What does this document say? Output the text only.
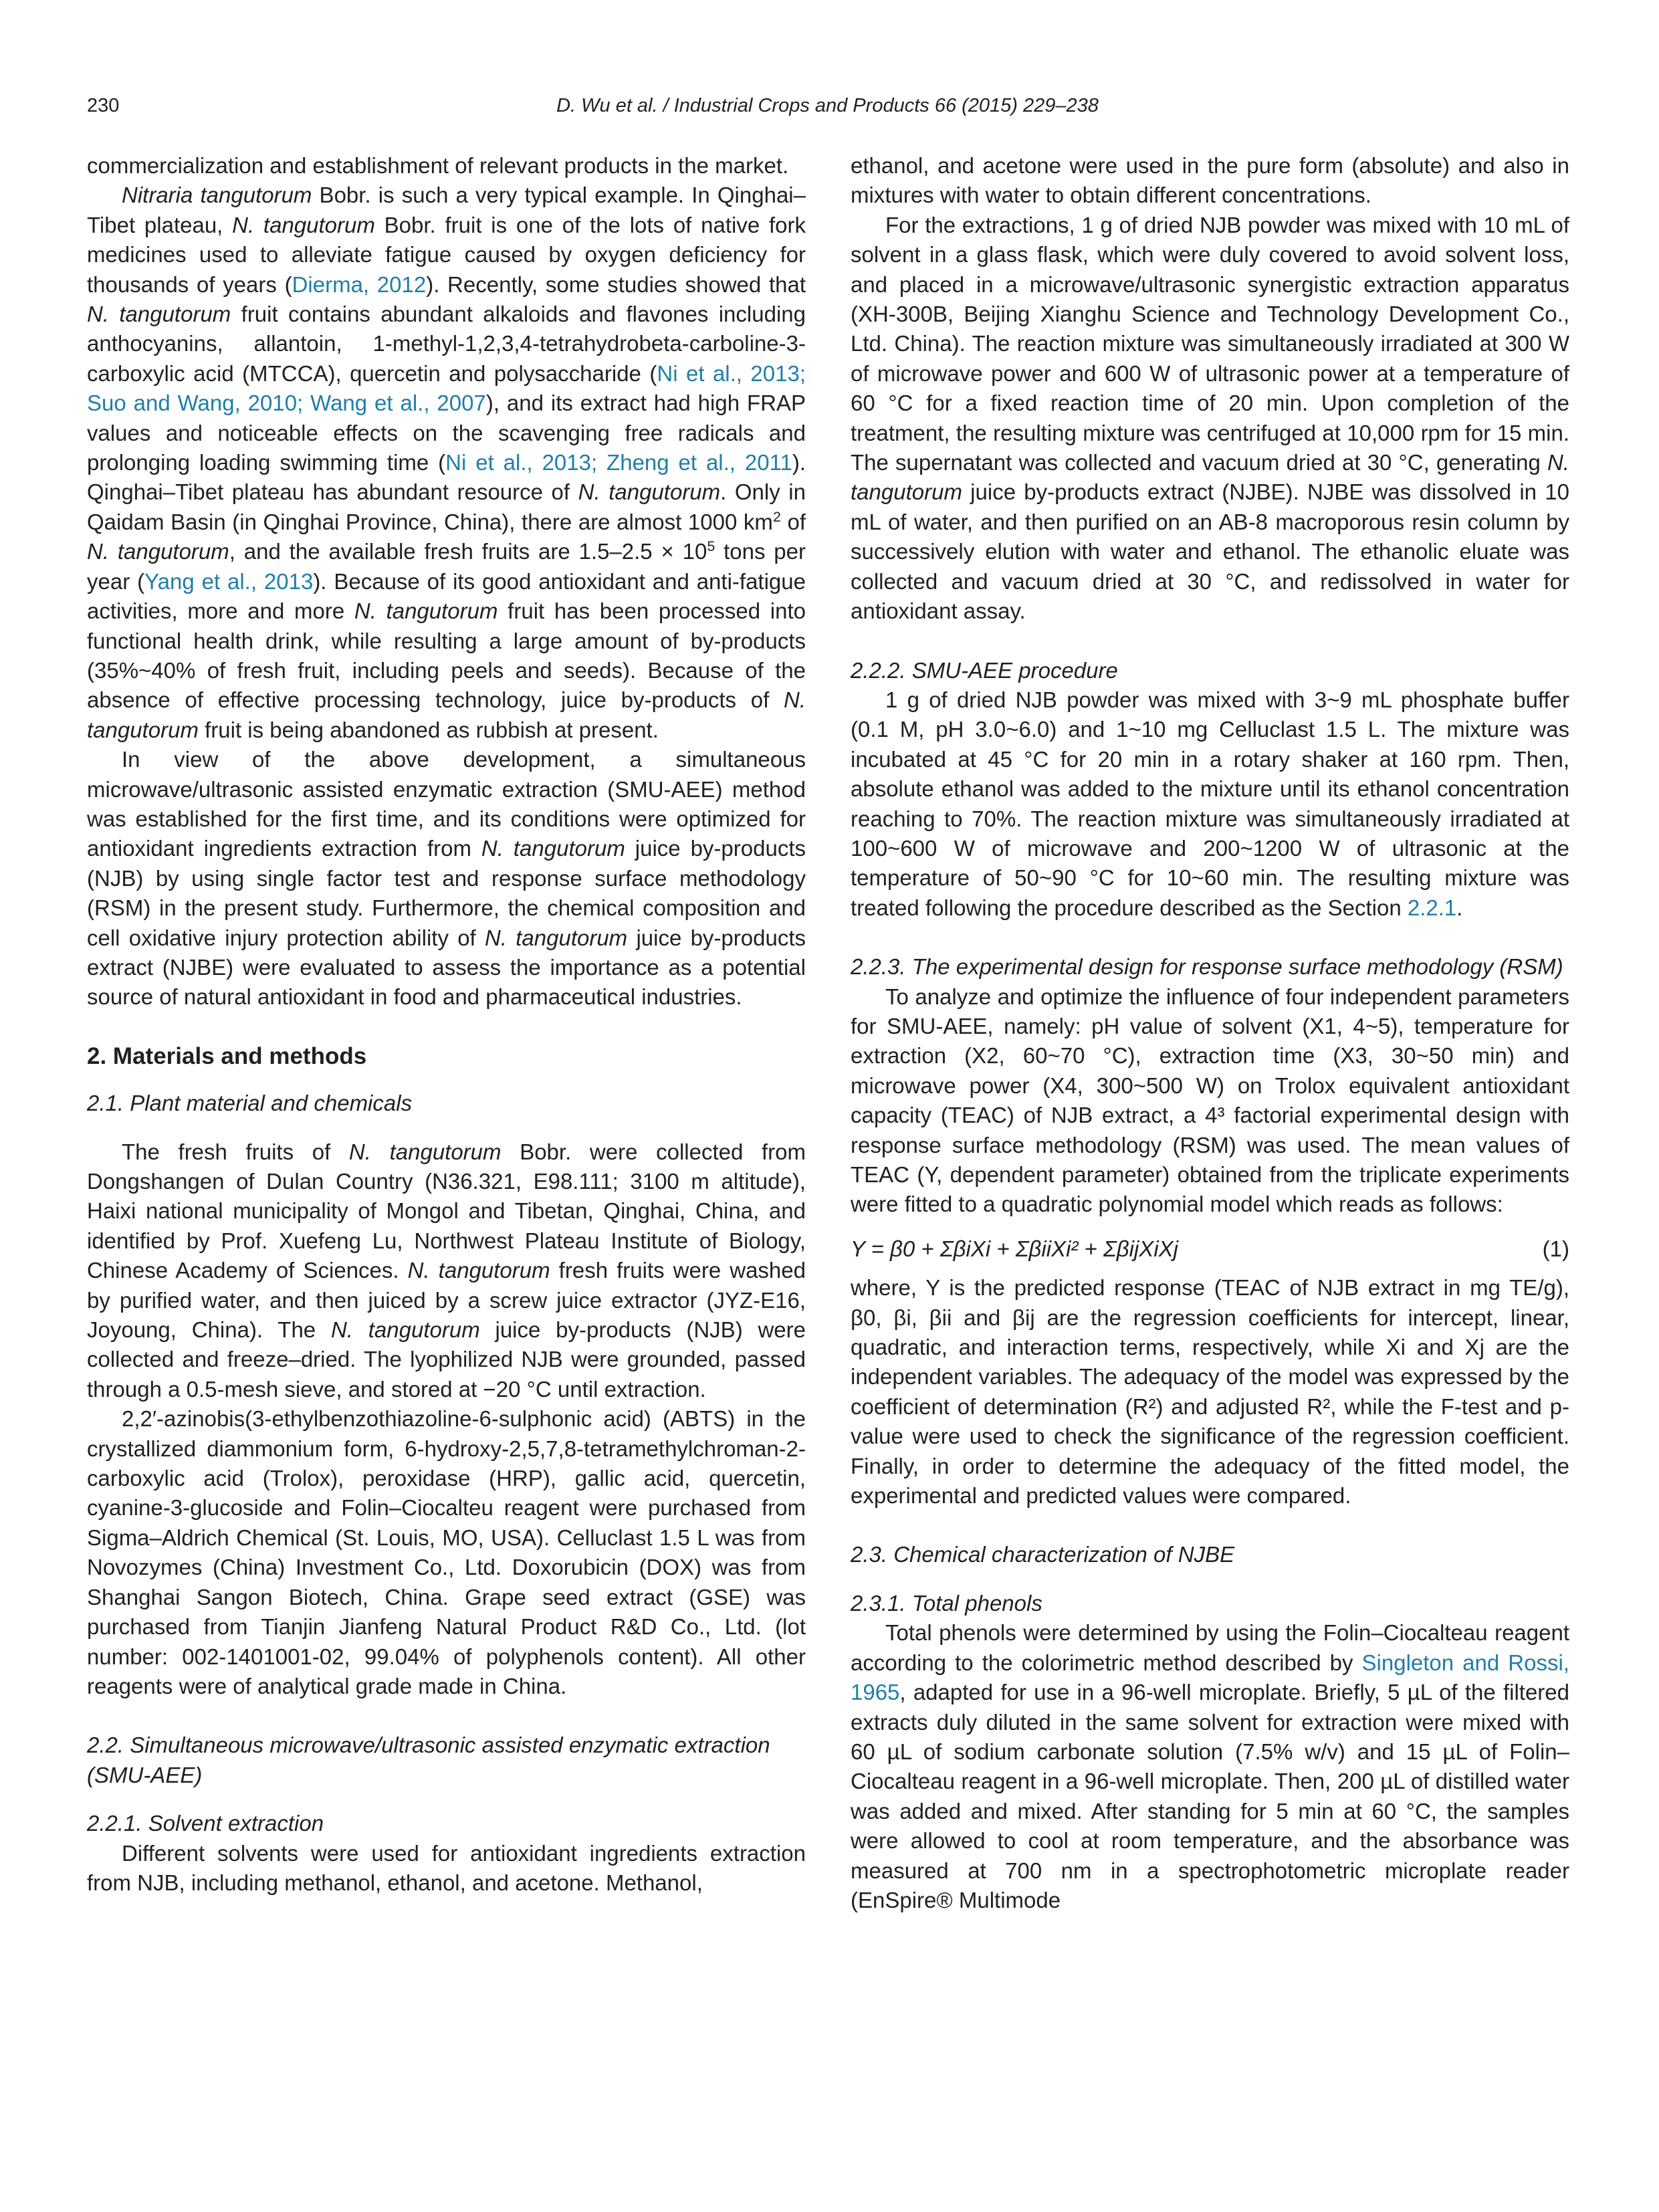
230	D. Wu et al. / Industrial Crops and Products 66 (2015) 229–238

commercialization and establishment of relevant products in the market.

Nitraria tangutorum Bobr. is such a very typical example. In Qinghai–Tibet plateau, N. tangutorum Bobr. fruit is one of the lots of native fork medicines used to alleviate fatigue caused by oxygen deficiency for thousands of years (Dierma, 2012). Recently, some studies showed that N. tangutorum fruit contains abundant alkaloids and flavones including anthocyanins, allantoin, 1-methyl-1,2,3,4-tetrahydrobeta-carboline-3-carboxylic acid (MTCCA), quercetin and polysaccharide (Ni et al., 2013; Suo and Wang, 2010; Wang et al., 2007), and its extract had high FRAP values and noticeable effects on the scavenging free radicals and prolonging loading swimming time (Ni et al., 2013; Zheng et al., 2011). Qinghai–Tibet plateau has abundant resource of N. tangutorum. Only in Qaidam Basin (in Qinghai Province, China), there are almost 1000 $km^2$ of N. tangutorum, and the available fresh fruits are $1.5-2.5 \times 10^5$ tons per year (Yang et al., 2013). Because of its good antioxidant and anti-fatigue activities, more and more N. tangutorum fruit has been processed into functional health drink, while resulting a large amount of by-products (35%~40% of fresh fruit, including peels and seeds). Because of the absence of effective processing technology, juice by-products of N. tangutorum fruit is being abandoned as rubbish at present.

In view of the above development, a simultaneous microwave/ultrasonic assisted enzymatic extraction (SMU-AEE) method was established for the first time, and its conditions were optimized for antioxidant ingredients extraction from N. tangutorum juice by-products (NJB) by using single factor test and response surface methodology (RSM) in the present study. Furthermore, the chemical composition and cell oxidative injury protection ability of N. tangutorum juice by-products extract (NJBE) were evaluated to assess the importance as a potential source of natural antioxidant in food and pharmaceutical industries.

2. Materials and methods
2.1. Plant material and chemicals

The fresh fruits of N. tangutorum Bobr. were collected from Dongshangen of Dulan Country (N36.321, E98.111; 3100 m altitude), Haixi national municipality of Mongol and Tibetan, Qinghai, China, and identified by Prof. Xuefeng Lu, Northwest Plateau Institute of Biology, Chinese Academy of Sciences. N. tangutorum fresh fruits were washed by purified water, and then juiced by a screw juice extractor (JYZ-E16, Joyoung, China). The N. tangutorum juice by-products (NJB) were collected and freeze–dried. The lyophilized NJB were grounded, passed through a 0.5-mesh sieve, and stored at −20 °C until extraction.

2,2′-azinobis(3-ethylbenzothiazoline-6-sulphonic acid) (ABTS) in the crystallized diammonium form, 6-hydroxy-2,5,7,8-tetramethylchroman-2-carboxylic acid (Trolox), peroxidase (HRP), gallic acid, quercetin, cyanine-3-glucoside and Folin–Ciocalteu reagent were purchased from Sigma–Aldrich Chemical (St. Louis, MO, USA). Celluclast 1.5 L was from Novozymes (China) Investment Co., Ltd. Doxorubicin (DOX) was from Shanghai Sangon Biotech, China. Grape seed extract (GSE) was purchased from Tianjin Jianfeng Natural Product R&D Co., Ltd. (lot number: 002-1401001-02, 99.04% of polyphenols content). All other reagents were of analytical grade made in China.

2.2. Simultaneous microwave/ultrasonic assisted enzymatic extraction (SMU-AEE)
2.2.1. Solvent extraction

Different solvents were used for antioxidant ingredients extraction from NJB, including methanol, ethanol, and acetone. Methanol,

ethanol, and acetone were used in the pure form (absolute) and also in mixtures with water to obtain different concentrations.

For the extractions, 1 g of dried NJB powder was mixed with 10 mL of solvent in a glass flask, which were duly covered to avoid solvent loss, and placed in a microwave/ultrasonic synergistic extraction apparatus (XH-300B, Beijing Xianghu Science and Technology Development Co., Ltd. China). The reaction mixture was simultaneously irradiated at 300 W of microwave power and 600 W of ultrasonic power at a temperature of 60 °C for a fixed reaction time of 20 min. Upon completion of the treatment, the resulting mixture was centrifuged at 10,000 rpm for 15 min. The supernatant was collected and vacuum dried at 30 °C, generating N. tangutorum juice by-products extract (NJBE). NJBE was dissolved in 10 mL of water, and then purified on an AB-8 macroporous resin column by successively elution with water and ethanol. The ethanolic eluate was collected and vacuum dried at 30 °C, and redissolved in water for antioxidant assay.

2.2.2. SMU-AEE procedure

1 g of dried NJB powder was mixed with 3~9 mL phosphate buffer (0.1 M, pH 3.0~6.0) and 1~10 mg Celluclast 1.5 L. The mixture was incubated at 45 °C for 20 min in a rotary shaker at 160 rpm. Then, absolute ethanol was added to the mixture until its ethanol concentration reaching to 70%. The reaction mixture was simultaneously irradiated at 100~600 W of microwave and 200~1200 W of ultrasonic at the temperature of 50~90 °C for 10~60 min. The resulting mixture was treated following the procedure described as the Section 2.2.1.

2.2.3. The experimental design for response surface methodology (RSM)

To analyze and optimize the influence of four independent parameters for SMU-AEE, namely: pH value of solvent (X1, 4~5), temperature for extraction (X2, 60~70 °C), extraction time (X3, 30~50 min) and microwave power (X4, 300~500 W) on Trolox equivalent antioxidant capacity (TEAC) of NJB extract, a 4³ factorial experimental design with response surface methodology (RSM) was used. The mean values of TEAC (Y, dependent parameter) obtained from the triplicate experiments were fitted to a quadratic polynomial model which reads as follows:

Y = β0 + ΣβiXi + ΣβiiXi² + ΣβijXiXj	(1)

where, Y is the predicted response (TEAC of NJB extract in mg TE/g), β0, βi, βii and βij are the regression coefficients for intercept, linear, quadratic, and interaction terms, respectively, while Xi and Xj are the independent variables. The adequacy of the model was expressed by the coefficient of determination (R²) and adjusted R², while the F-test and p-value were used to check the significance of the regression coefficient. Finally, in order to determine the adequacy of the fitted model, the experimental and predicted values were compared.

2.3. Chemical characterization of NJBE
2.3.1. Total phenols

Total phenols were determined by using the Folin–Ciocalteau reagent according to the colorimetric method described by Singleton and Rossi, 1965, adapted for use in a 96-well microplate. Briefly, 5 µL of the filtered extracts duly diluted in the same solvent for extraction were mixed with 60 µL of sodium carbonate solution (7.5% w/v) and 15 µL of Folin–Ciocalteau reagent in a 96-well microplate. Then, 200 µL of distilled water was added and mixed. After standing for 5 min at 60 °C, the samples were allowed to cool at room temperature, and the absorbance was measured at 700 nm in a spectrophotometric microplate reader (EnSpire® Multimode
